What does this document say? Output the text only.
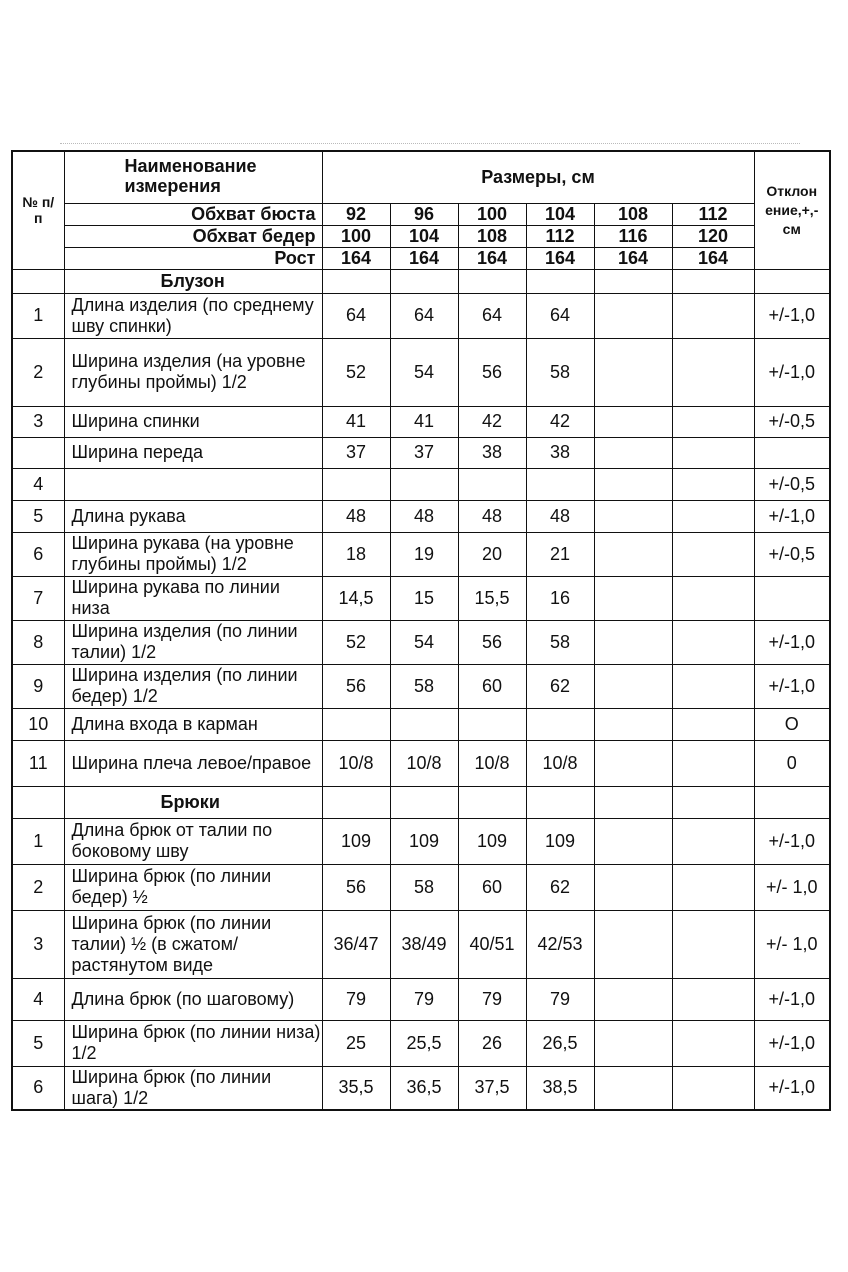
№ п/п	Наименование измерения	Размеры, см						Отклон ение,+,- см
	Обхват бюста	92	96	100	104	108	112	
	Обхват бедер	100	104	108	112	116	120	
	Рост	164	164	164	164	164	164	
	Блузон							
1	Длина изделия (по среднему шву спинки)	64	64	64	64			+/-1,0
2	Ширина изделия (на уровне глубины проймы) 1/2	52	54	56	58			+/-1,0
3	Ширина спинки	41	41	42	42			+/-0,5
	Ширина переда	37	37	38	38			
4								+/-0,5
5	Длина рукава	48	48	48	48			+/-1,0
6	Ширина рукава (на уровне глубины проймы) 1/2	18	19	20	21			+/-0,5
7	Ширина рукава по линии низа	14,5	15	15,5	16			
8	Ширина изделия (по линии талии) 1/2	52	54	56	58			+/-1,0
9	Ширина изделия (по линии бедер) 1/2	56	58	60	62			+/-1,0
10	Длина входа в карман							О
11	Ширина плеча левое/правое	10/8	10/8	10/8	10/8			0
	Брюки							
1	Длина брюк от талии по боковому шву	109	109	109	109			+/-1,0
2	Ширина брюк (по линии бедер) ½	56	58	60	62			+/- 1,0
3	Ширина брюк (по линии талии) ½ (в сжатом/растянутом виде	36/47	38/49	40/51	42/53			+/- 1,0
4	Длина брюк (по шаговому)	79	79	79	79			+/-1,0
5	Ширина брюк (по линии низа) 1/2	25	25,5	26	26,5			+/-1,0
6	Ширина брюк (по линии шага) 1/2	35,5	36,5	37,5	38,5			+/-1,0
